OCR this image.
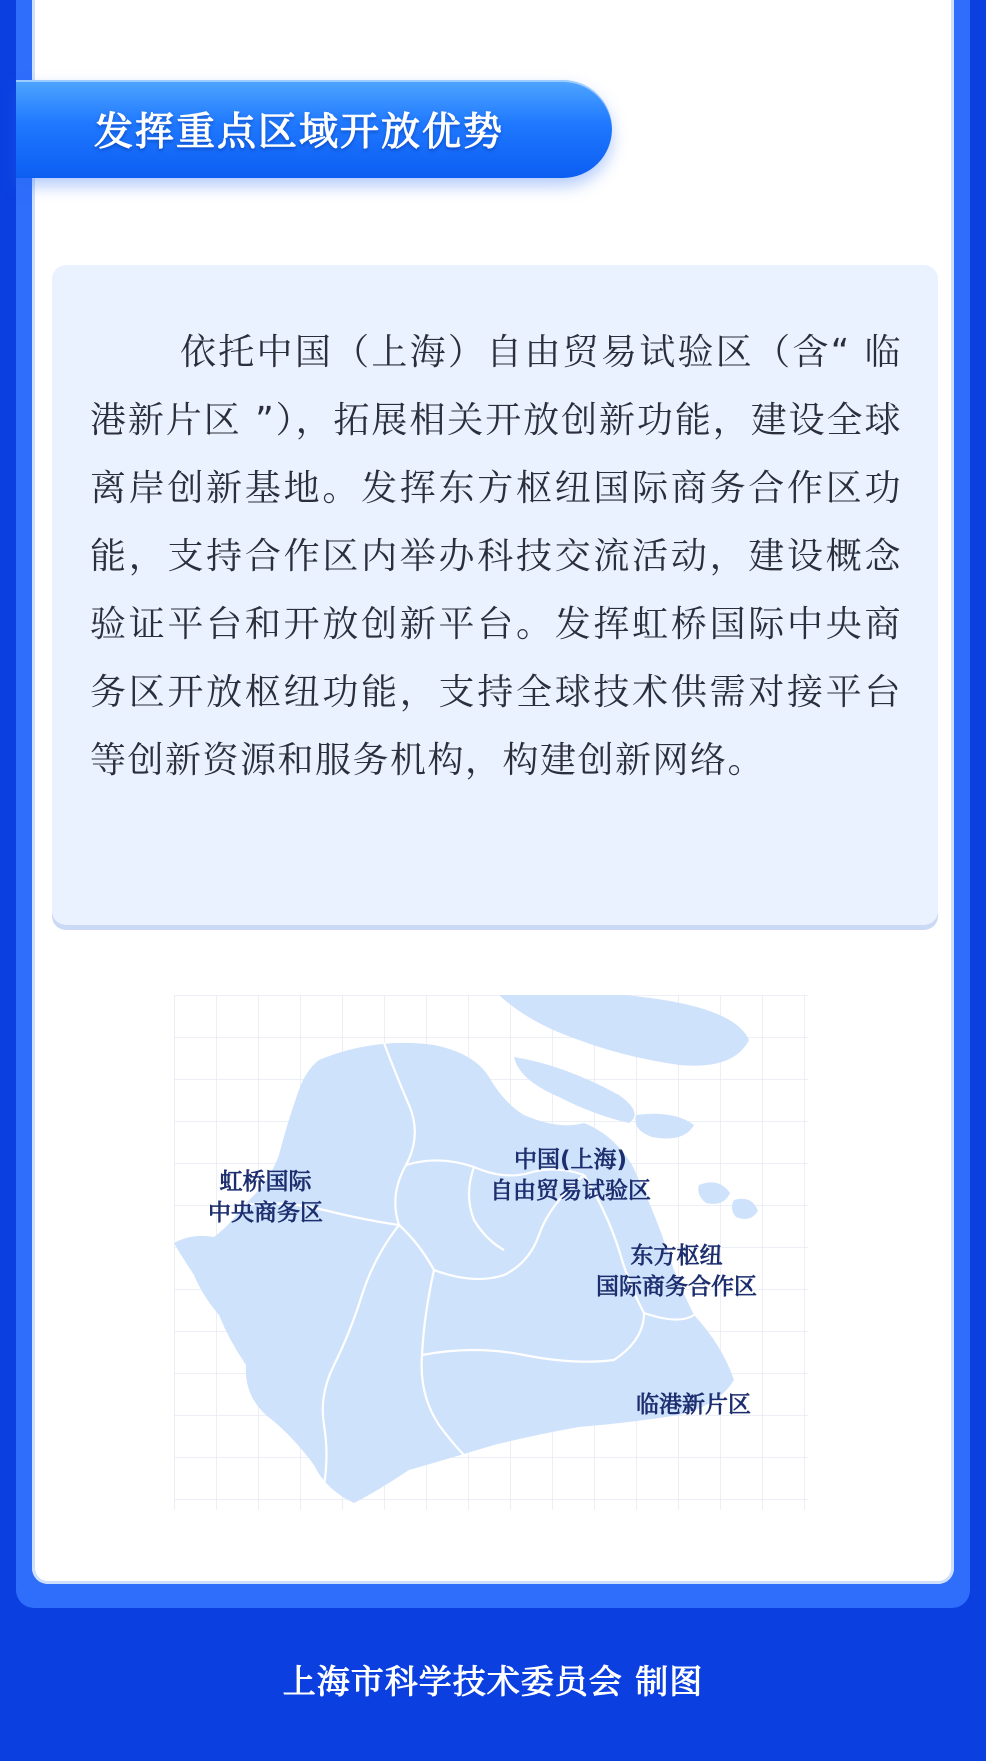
发挥重点区域开放优势

依托中国（上海）自由贸易试验区（含“ 临港新片区 ”），拓展相关开放创新功能，建设全球离岸创新基地。发挥东方枢纽国际商务合作区功能，支持合作区内举办科技交流活动，建设概念验证平台和开放创新平台。发挥虹桥国际中央商务区开放枢纽功能，支持全球技术供需对接平台等创新资源和服务机构，构建创新网络。

虹桥国际
中央商务区
中国(上海)
自由贸易试验区
东方枢纽
国际商务合作区
临港新片区
上海市科学技术委员会 制图
